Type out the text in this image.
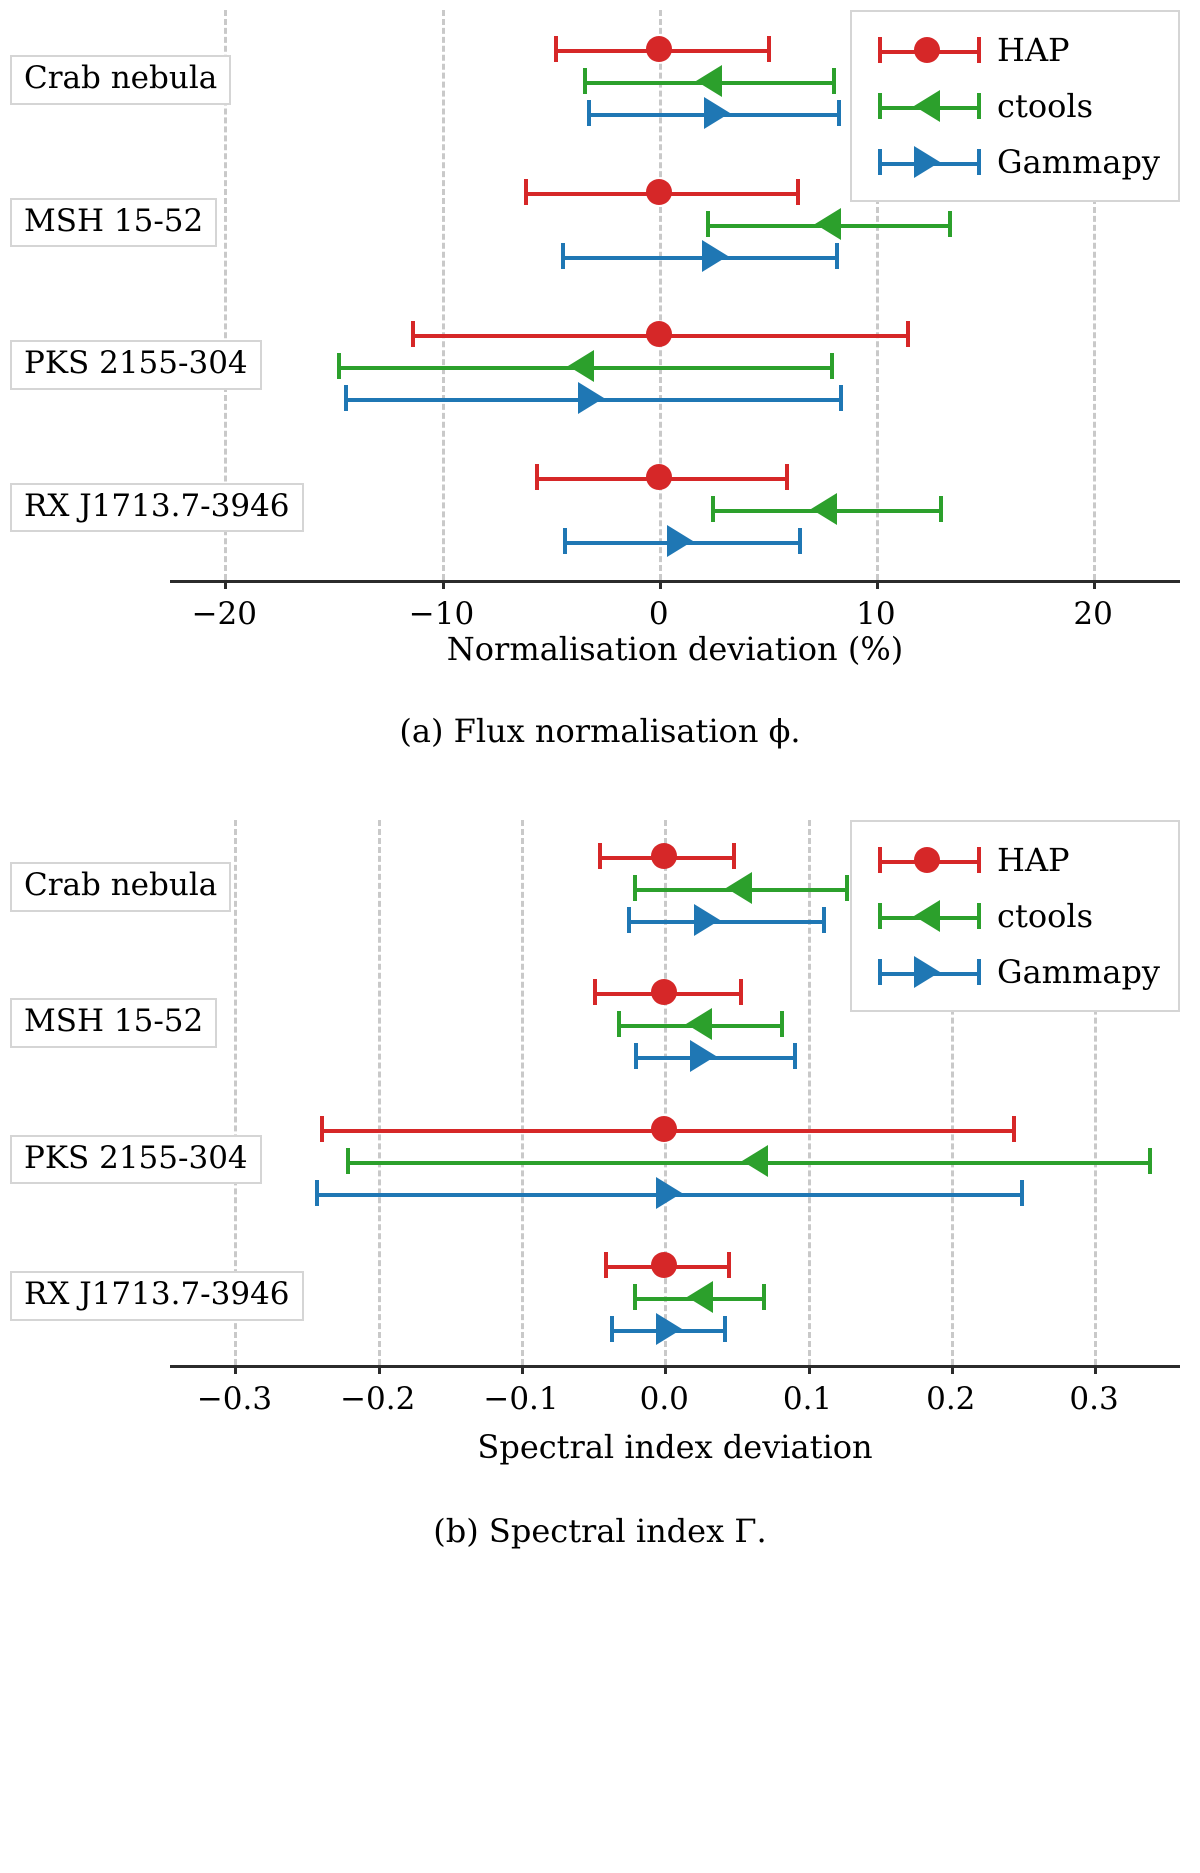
−20	−10	0	10	20
Crab nebula
MSH 15-52
PKS 2155-304
RX J1713.7-3946
HAP
ctools
Gammapy
Normalisation deviation (%)
(a) Flux normalisation ϕ.
−0.3 −0.2 −0.1	0.0	0.1	0.2	0.3
Crab nebula
MSH 15-52
PKS 2155-304
RX J1713.7-3946
HAP
ctools
Gammapy
Spectral index deviation
(b) Spectral index Γ.
